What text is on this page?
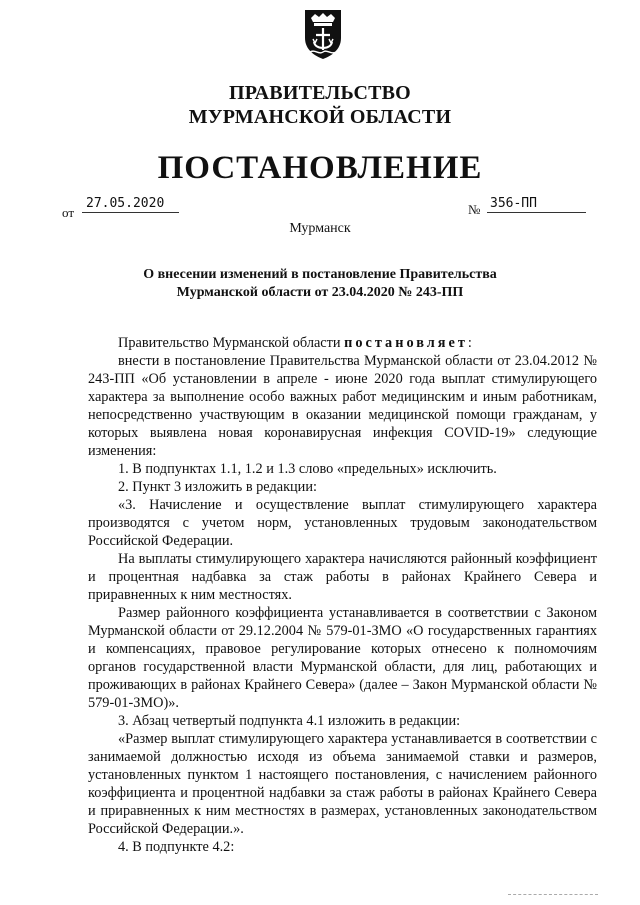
ПРАВИТЕЛЬСТВО
МУРМАНСКОЙ ОБЛАСТИ
ПОСТАНОВЛЕНИЕ
от
27.05.2020	№ 356-ПП
Мурманск
О внесении изменений в постановление Правительства
Мурманской области от 23.04.2020 № 243-ПП

Правительство Мурманской области постановляет:

внести в постановление Правительства Мурманской области от 23.04.2012 № 243-ПП «Об установлении в апреле - июне 2020 года выплат стимулирующего характера за выполнение особо важных работ медицинским и иным работникам, непосредственно участвующим в оказании медицинской помощи гражданам, у которых выявлена новая коронавирусная инфекция COVID-19» следующие изменения:

1. В подпунктах 1.1, 1.2 и 1.3 слово «предельных» исключить.

2. Пункт 3 изложить в редакции:

«3. Начисление и осуществление выплат стимулирующего характера производятся с учетом норм, установленных трудовым законодательством Российской Федерации.

На выплаты стимулирующего характера начисляются районный коэффициент и процентная надбавка за стаж работы в районах Крайнего Севера и приравненных к ним местностях.

Размер районного коэффициента устанавливается в соответствии с Законом Мурманской области от 29.12.2004 № 579-01-ЗМО «О государственных гарантиях и компенсациях, правовое регулирование которых отнесено к полномочиям органов государственной власти Мурманской области, для лиц, работающих и проживающих в районах Крайнего Севера» (далее – Закон Мурманской области № 579-01-ЗМО)».

3. Абзац четвертый подпункта 4.1 изложить в редакции:

«Размер выплат стимулирующего характера устанавливается в соответствии с занимаемой должностью исходя из объема занимаемой ставки и размеров, установленных пунктом 1 настоящего постановления, с начислением районного коэффициента и процентной надбавки за стаж работы в районах Крайнего Севера и приравненных к ним местностях в размерах, установленных законодательством Российской Федерации.».

4. В подпункте 4.2:
